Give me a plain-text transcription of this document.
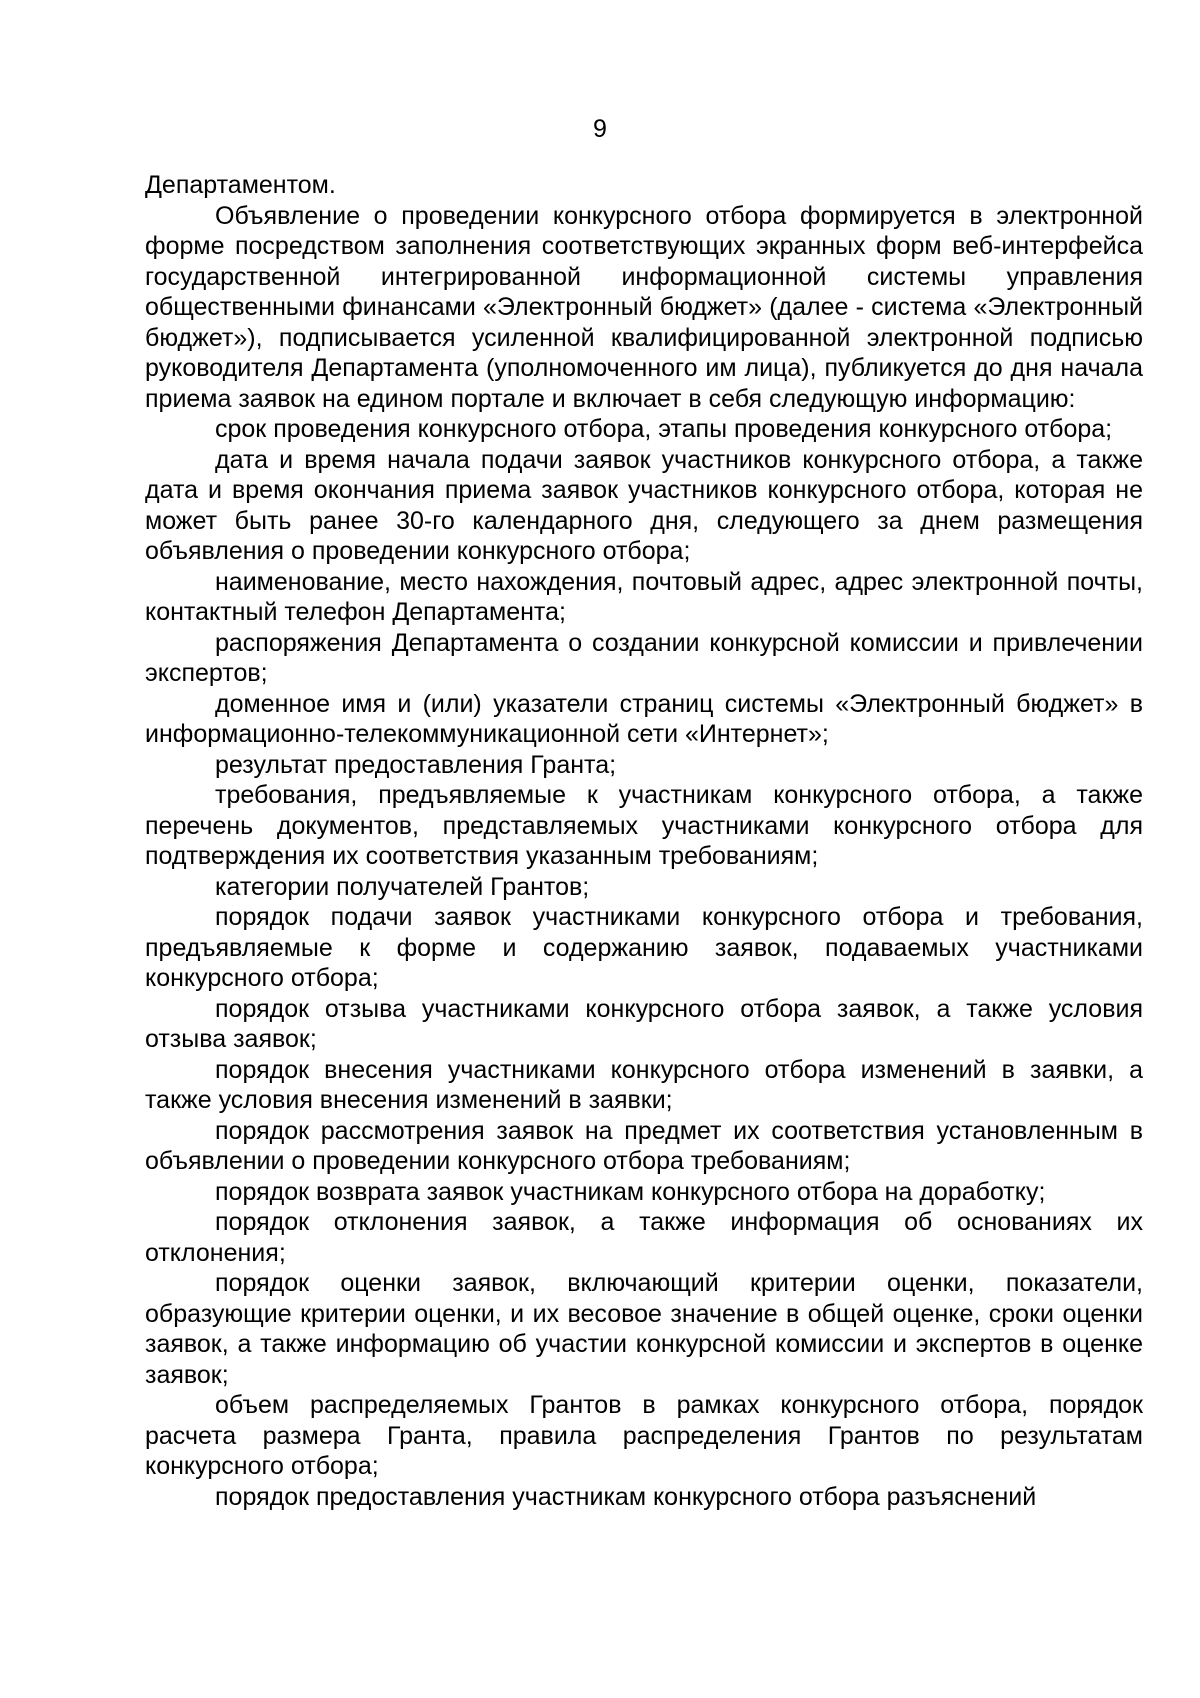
9

Департаментом.

Объявление о проведении конкурсного отбора формируется в электронной форме посредством заполнения соответствующих экранных форм веб-интерфейса государственной интегрированной информационной системы управления общественными финансами «Электронный бюджет» (далее - система «Электронный бюджет»), подписывается усиленной квалифицированной электронной подписью руководителя Департамента (уполномоченного им лица), публикуется до дня начала приема заявок на едином портале и включает в себя следующую информацию:

срок проведения конкурсного отбора, этапы проведения конкурсного отбора;

дата и время начала подачи заявок участников конкурсного отбора, а также дата и время окончания приема заявок участников конкурсного отбора, которая не может быть ранее 30-го календарного дня, следующего за днем размещения объявления о проведении конкурсного отбора;

наименование, место нахождения, почтовый адрес, адрес электронной почты, контактный телефон Департамента;

распоряжения Департамента о создании конкурсной комиссии и привлечении экспертов;

доменное имя и (или) указатели страниц системы «Электронный бюджет» в информационно-телекоммуникационной сети «Интернет»;

результат предоставления Гранта;

требования, предъявляемые к участникам конкурсного отбора, а также перечень документов, представляемых участниками конкурсного отбора для подтверждения их соответствия указанным требованиям;

категории получателей Грантов;

порядок подачи заявок участниками конкурсного отбора и требования, предъявляемые к форме и содержанию заявок, подаваемых участниками конкурсного отбора;

порядок отзыва участниками конкурсного отбора заявок, а также условия отзыва заявок;

порядок внесения участниками конкурсного отбора изменений в заявки, а также условия внесения изменений в заявки;

порядок рассмотрения заявок на предмет их соответствия установленным в объявлении о проведении конкурсного отбора требованиям;

порядок возврата заявок участникам конкурсного отбора на доработку;

порядок отклонения заявок, а также информация об основаниях их отклонения;

порядок оценки заявок, включающий критерии оценки, показатели, образующие критерии оценки, и их весовое значение в общей оценке, сроки оценки заявок, а также информацию об участии конкурсной комиссии и экспертов в оценке заявок;

объем распределяемых Грантов в рамках конкурсного отбора, порядок расчета размера Гранта, правила распределения Грантов по результатам конкурсного отбора;

порядок предоставления участникам конкурсного отбора разъяснений
